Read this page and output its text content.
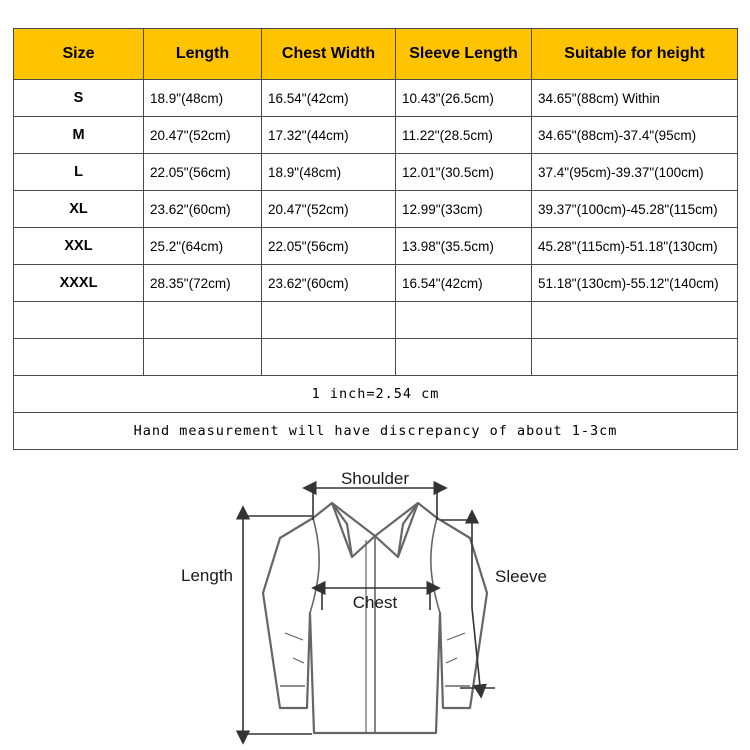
Size	Length	Chest Width	Sleeve Length	Suitable for height
S	18.9"(48cm)	16.54"(42cm)	10.43"(26.5cm)	34.65"(88cm) Within
M	20.47"(52cm)	17.32"(44cm)	11.22"(28.5cm)	34.65"(88cm)-37.4"(95cm)
L	22.05"(56cm)	18.9"(48cm)	12.01"(30.5cm)	37.4"(95cm)-39.37"(100cm)
XL	23.62"(60cm)	20.47"(52cm)	12.99"(33cm)	39.37"(100cm)-45.28"(115cm)
XXL	25.2"(64cm)	22.05"(56cm)	13.98"(35.5cm)	45.28"(115cm)-51.18"(130cm)
XXXL	28.35"(72cm)	23.62"(60cm)	16.54"(42cm)	51.18"(130cm)-55.12"(140cm)

1 inch=2.54 cm				
Hand measurement will have discrepancy of about 1-3cm				
Shoulder
Length
Chest
Sleeve
